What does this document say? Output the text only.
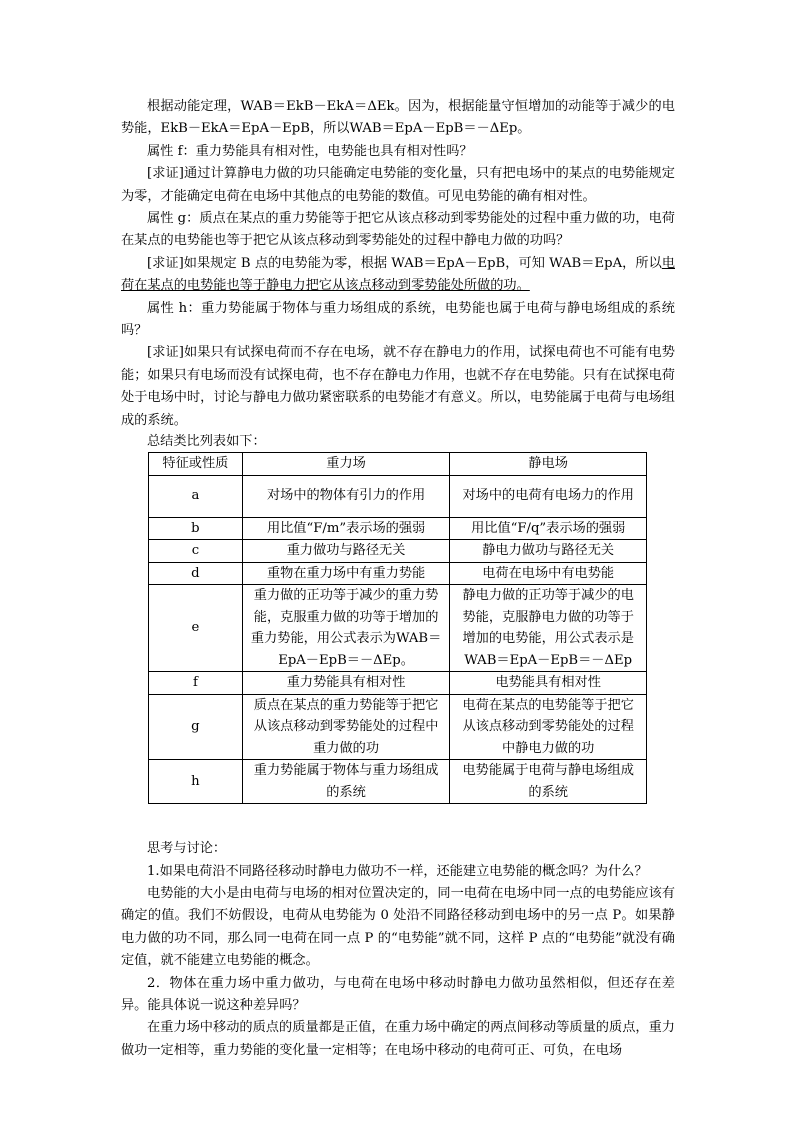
根据动能定理，WAB＝EkB－EkA＝ΔEk。因为，根据能量守恒增加的动能等于减少的电势能，EkB－EkA＝EpA－EpB，所以WAB＝EpA－EpB＝－ΔEp。

属性 f：重力势能具有相对性，电势能也具有相对性吗？

[求证]通过计算静电力做的功只能确定电势能的变化量，只有把电场中的某点的电势能规定为零，才能确定电荷在电场中其他点的电势能的数值。可见电势能的确有相对性。

属性 g：质点在某点的重力势能等于把它从该点移动到零势能处的过程中重力做的功，电荷在某点的电势能也等于把它从该点移动到零势能处的过程中静电力做的功吗？

[求证]如果规定 B 点的电势能为零，根据 WAB＝EpA－EpB，可知 WAB＝EpA，所以电荷在某点的电势能也等于静电力把它从该点移动到零势能处所做的功。

属性 h：重力势能属于物体与重力场组成的系统，电势能也属于电荷与静电场组成的系统吗？

[求证]如果只有试探电荷而不存在电场，就不存在静电力的作用，试探电荷也不可能有电势能；如果只有电场而没有试探电荷，也不存在静电力作用，也就不存在电势能。只有在试探电荷处于电场中时，讨论与静电力做功紧密联系的电势能才有意义。所以，电势能属于电荷与电场组成的系统。

总结类比列表如下：

特征或性质	重力场	静电场
a	对场中的物体有引力的作用	对场中的电荷有电场力的作用
b	用比值“F/m”表示场的强弱	用比值“F/q”表示场的强弱
c	重力做功与路径无关	静电力做功与路径无关
d	重物在重力场中有重力势能	电荷在电场中有电势能
e	重力做的正功等于减少的重力势能，克服重力做的功等于增加的重力势能，用公式表示为WAB＝EpA－EpB＝－ΔEp。	静电力做的正功等于减少的电势能，克服静电力做的功等于增加的电势能，用公式表示是 WAB＝EpA－EpB＝－ΔEp
f	重力势能具有相对性	电势能具有相对性
g	质点在某点的重力势能等于把它从该点移动到零势能处的过程中重力做的功	电荷在某点的电势能等于把它从该点移动到零势能处的过程中静电力做的功
h	重力势能属于物体与重力场组成的系统	电势能属于电荷与静电场组成的系统

思考与讨论：

1.如果电荷沿不同路径移动时静电力做功不一样，还能建立电势能的概念吗？为什么？

电势能的大小是由电荷与电场的相对位置决定的，同一电荷在电场中同一点的电势能应该有确定的值。我们不妨假设，电荷从电势能为 0 处沿不同路径移动到电场中的另一点 P。如果静电力做的功不同，那么同一电荷在同一点 P 的“电势能”就不同，这样 P 点的“电势能”就没有确定值，就不能建立电势能的概念。

2．物体在重力场中重力做功，与电荷在电场中移动时静电力做功虽然相似，但还存在差异。能具体说一说这种差异吗？

在重力场中移动的质点的质量都是正值，在重力场中确定的两点间移动等质量的质点，重力做功一定相等，重力势能的变化量一定相等；在电场中移动的电荷可正、可负，在电场
